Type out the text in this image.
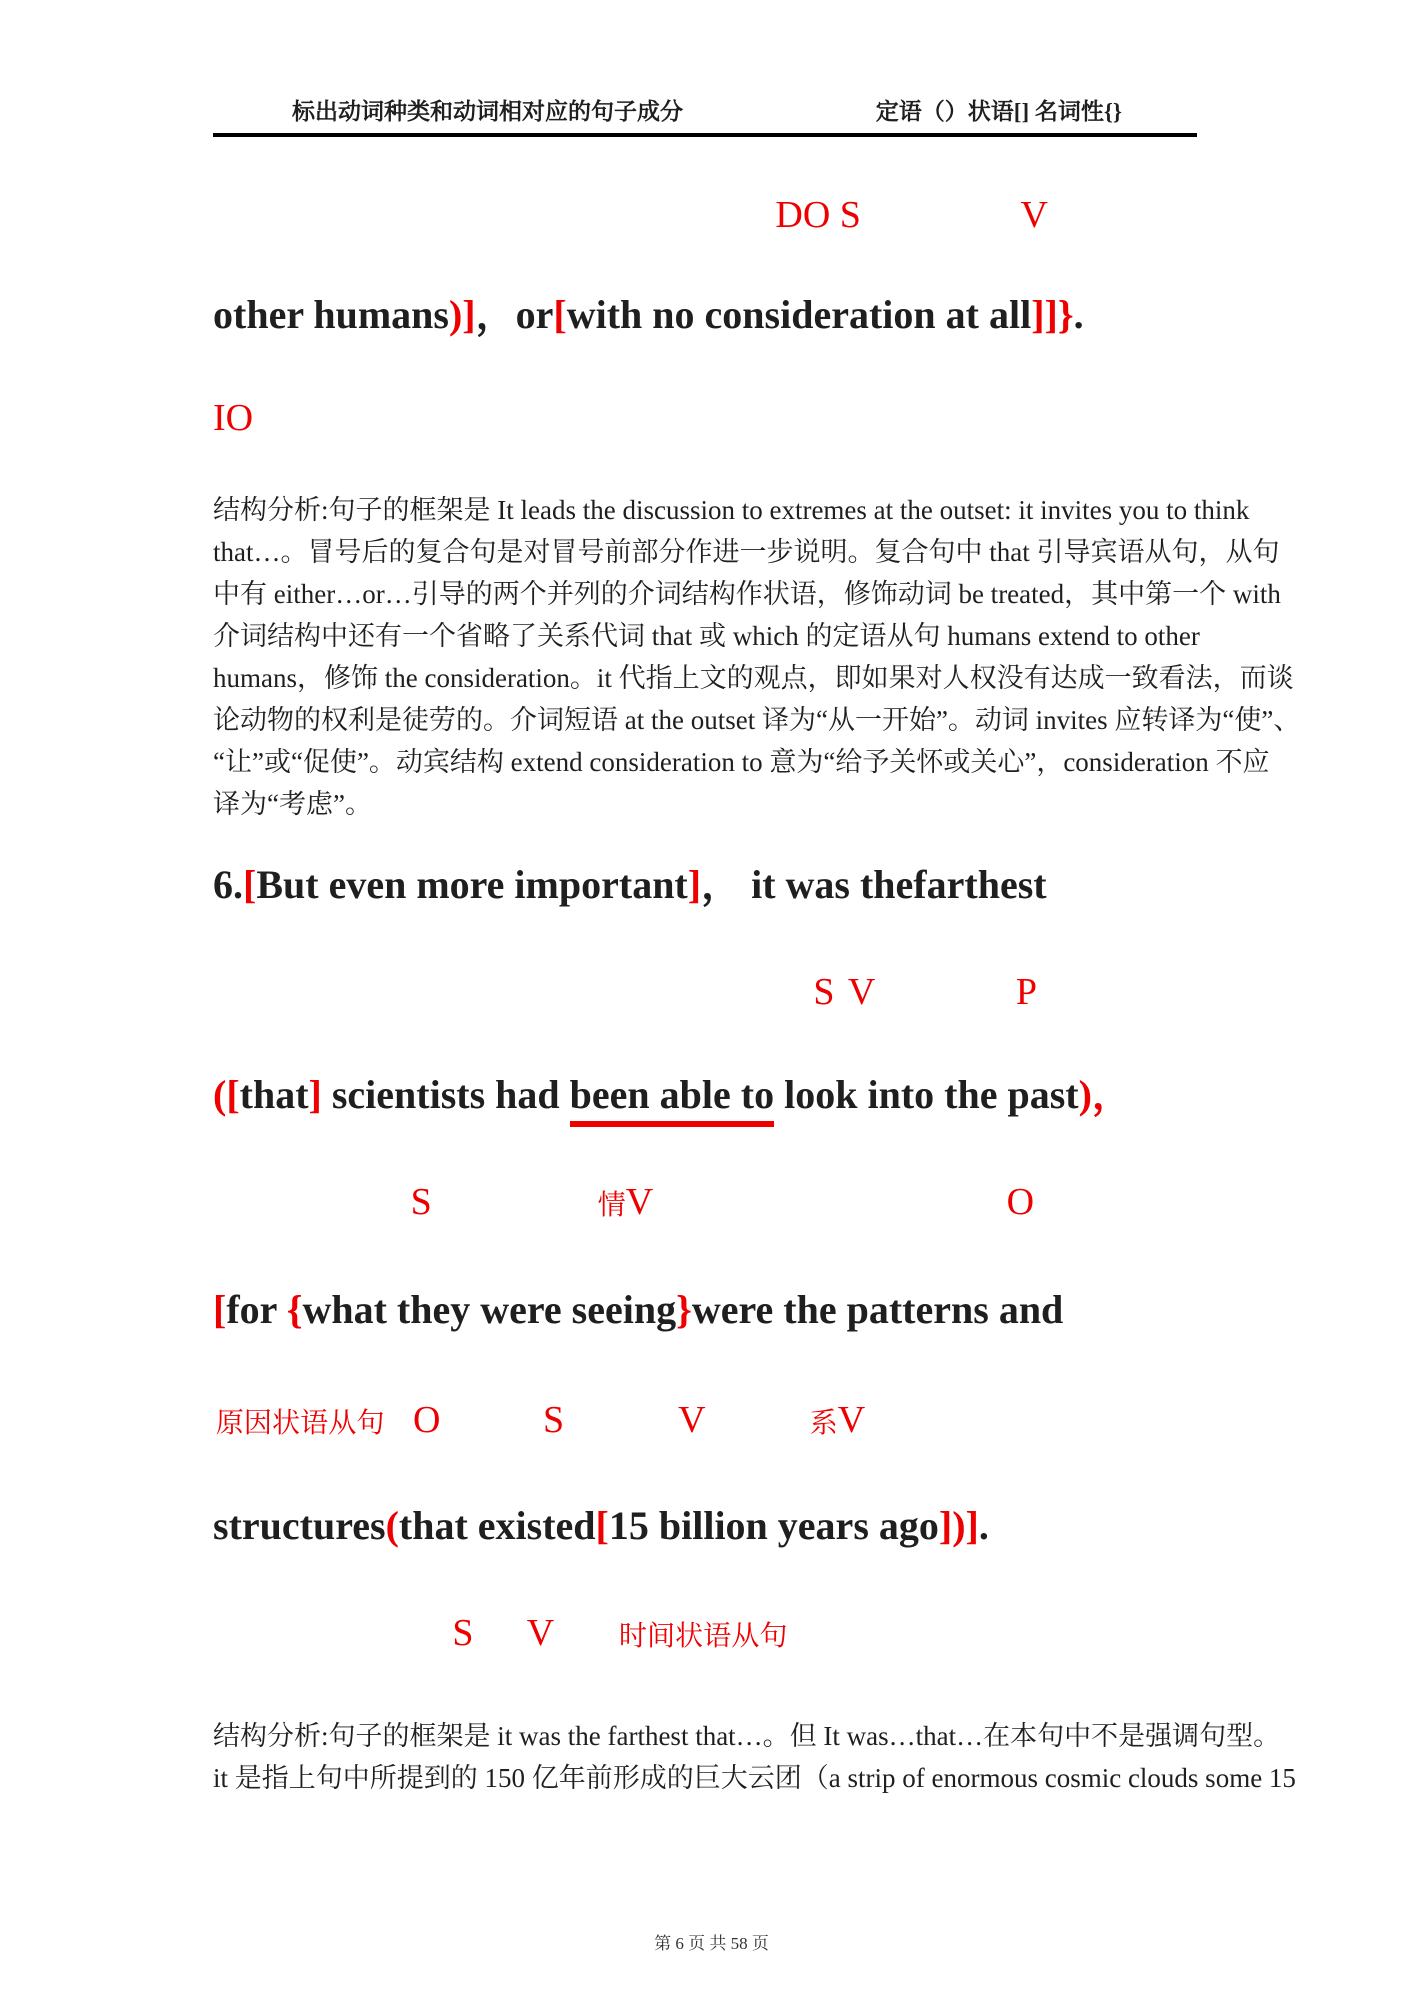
标出动词种类和动词相对应的句子成分	定语（）状语[] 名词性{}
DO S	V
other humans)]，or[with no consideration at all]]}.
IO
结构分析:句子的框架是 It leads the discussion to extremes at the outset: it invites you to think
that…。冒号后的复合句是对冒号前部分作进一步说明。复合句中 that 引导宾语从句，从句
中有 either…or…引导的两个并列的介词结构作状语，修饰动词 be treated，其中第一个 with
介词结构中还有一个省略了关系代词 that 或 which 的定语从句 humans extend to other
humans，修饰 the consideration。it 代指上文的观点，即如果对人权没有达成一致看法，而谈
论动物的权利是徒劳的。介词短语 at the outset 译为“从一开始”。动词 invites 应转译为“使”、
“让”或“促使”。动宾结构 extend consideration to 意为“给予关怀或关心”，consideration 不应
译为“考虑”。
6.[But even more important]， it was thefarthest
S V	P
([that] scientists had been able to look into the past)，
S	情V	O
[for {what they were seeing}were the patterns and
原因状语从句 O	S	V	系V
structures(that existed[15 billion years ago])].
S V 时间状语从句
结构分析:句子的框架是 it was the farthest that…。但 It was…that…在本句中不是强调句型。
it 是指上句中所提到的 150 亿年前形成的巨大云团（a strip of enormous cosmic clouds some 15
第 6 页 共 58 页
